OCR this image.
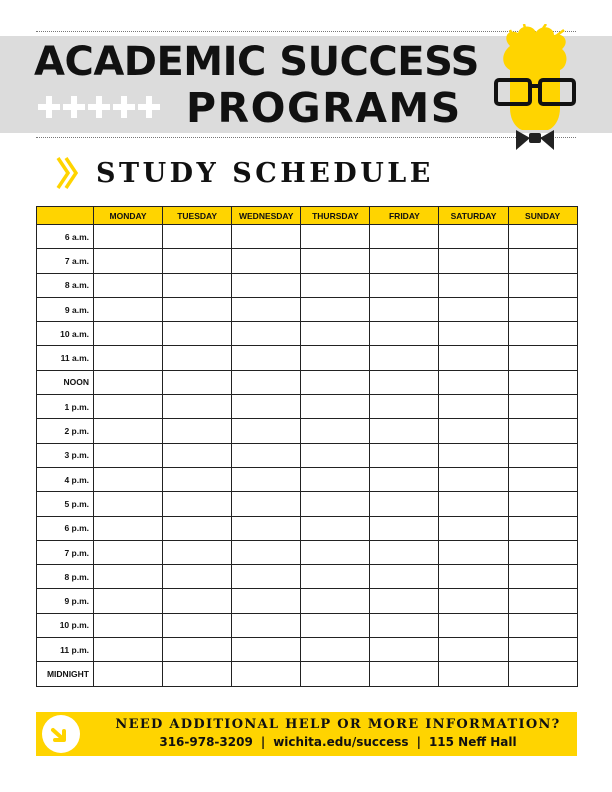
ACADEMIC SUCCESS
PROGRAMS
STUDY SCHEDULE
	MONDAY	TUESDAY	WEDNESDAY	THURSDAY	FRIDAY	SATURDAY	SUNDAY
6 a.m.							
7 a.m.							
8 a.m.							
9 a.m.							
10 a.m.							
11 a.m.							
NOON							
1 p.m.							
2 p.m.							
3 p.m.							
4 p.m.							
5 p.m.							
6 p.m.							
7 p.m.							
8 p.m.							
9 p.m.							
10 p.m.							
11 p.m.							
MIDNIGHT							
NEED ADDITIONAL HELP OR MORE INFORMATION?
316-978-3209 | wichita.edu/success | 115 Neff Hall
